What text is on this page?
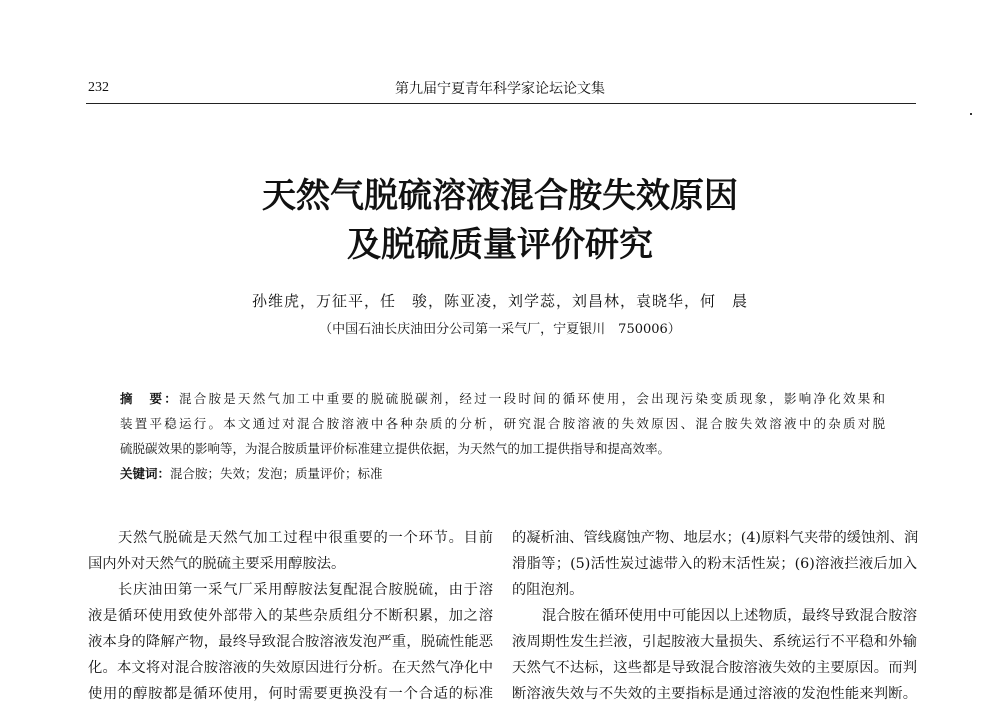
232	第九届宁夏青年科学家论坛论文集
天然气脱硫溶液混合胺失效原因
及脱硫质量评价研究
孙维虎，万征平，任　骏，陈亚凌，刘学蕊，刘昌林，袁晓华，何　晨
（中国石油长庆油田分公司第一采气厂，宁夏银川　750006）
摘　要：混合胺是天然气加工中重要的脱硫脱碳剂，经过一段时间的循环使用，会出现污染变质现象，影响净化效果和
装置平稳运行。本文通过对混合胺溶液中各种杂质的分析，研究混合胺溶液的失效原因、混合胺失效溶液中的杂质对脱
硫脱碳效果的影响等，为混合胺质量评价标准建立提供依据，为天然气的加工提供指导和提高效率。
关键词：混合胺；失效；发泡；质量评价；标准
天然气脱硫是天然气加工过程中很重要的一个环节。目前
国内外对天然气的脱硫主要采用醇胺法。
长庆油田第一采气厂采用醇胺法复配混合胺脱硫，由于溶
液是循环使用致使外部带入的某些杂质组分不断积累，加之溶
液本身的降解产物，最终导致混合胺溶液发泡严重，脱硫性能恶
化。本文将对混合胺溶液的失效原因进行分析。在天然气净化中
使用的醇胺都是循环使用，何时需要更换没有一个合适的标准
的凝析油、管线腐蚀产物、地层水；(4)原料气夹带的缓蚀剂、润
滑脂等；(5)活性炭过滤带入的粉末活性炭；(6)溶液拦液后加入
的阻泡剂。
混合胺在循环使用中可能因以上述物质，最终导致混合胺溶
液周期性发生拦液，引起胺液大量损失、系统运行不平稳和外输
天然气不达标，这些都是导致混合胺溶液失效的主要原因。而判
断溶液失效与不失效的主要指标是通过溶液的发泡性能来判断。
